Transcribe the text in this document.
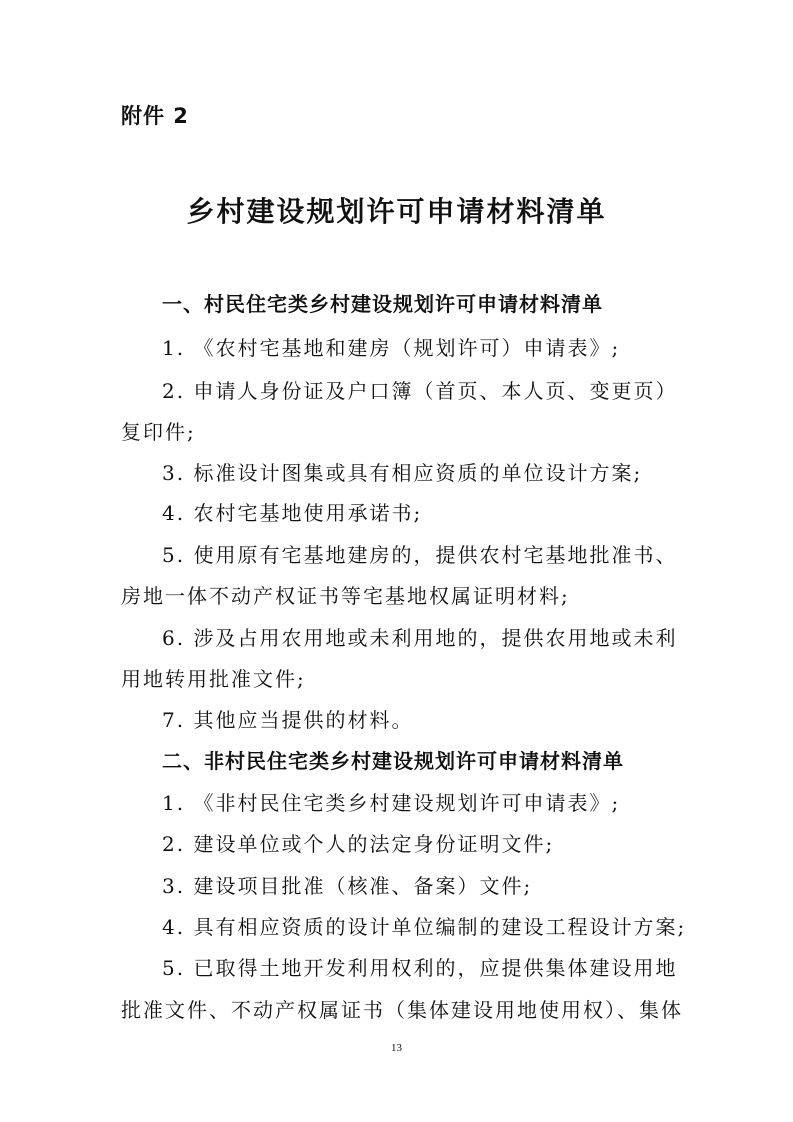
附件 2
乡村建设规划许可申请材料清单
一、村民住宅类乡村建设规划许可申请材料清单
1. 《农村宅基地和建房（规划许可）申请表》;
2. 申请人身份证及户口簿（首页、本人页、变更页）
复印件;
3. 标准设计图集或具有相应资质的单位设计方案;
4. 农村宅基地使用承诺书;
5. 使用原有宅基地建房的，提供农村宅基地批准书、
房地一体不动产权证书等宅基地权属证明材料;
6. 涉及占用农用地或未利用地的，提供农用地或未利
用地转用批准文件;
7. 其他应当提供的材料。
二、非村民住宅类乡村建设规划许可申请材料清单
1. 《非村民住宅类乡村建设规划许可申请表》;
2. 建设单位或个人的法定身份证明文件;
3. 建设项目批准（核准、备案）文件;
4. 具有相应资质的设计单位编制的建设工程设计方案;
5. 已取得土地开发利用权利的，应提供集体建设用地
批准文件、不动产权属证书（集体建设用地使用权）、集体
13
